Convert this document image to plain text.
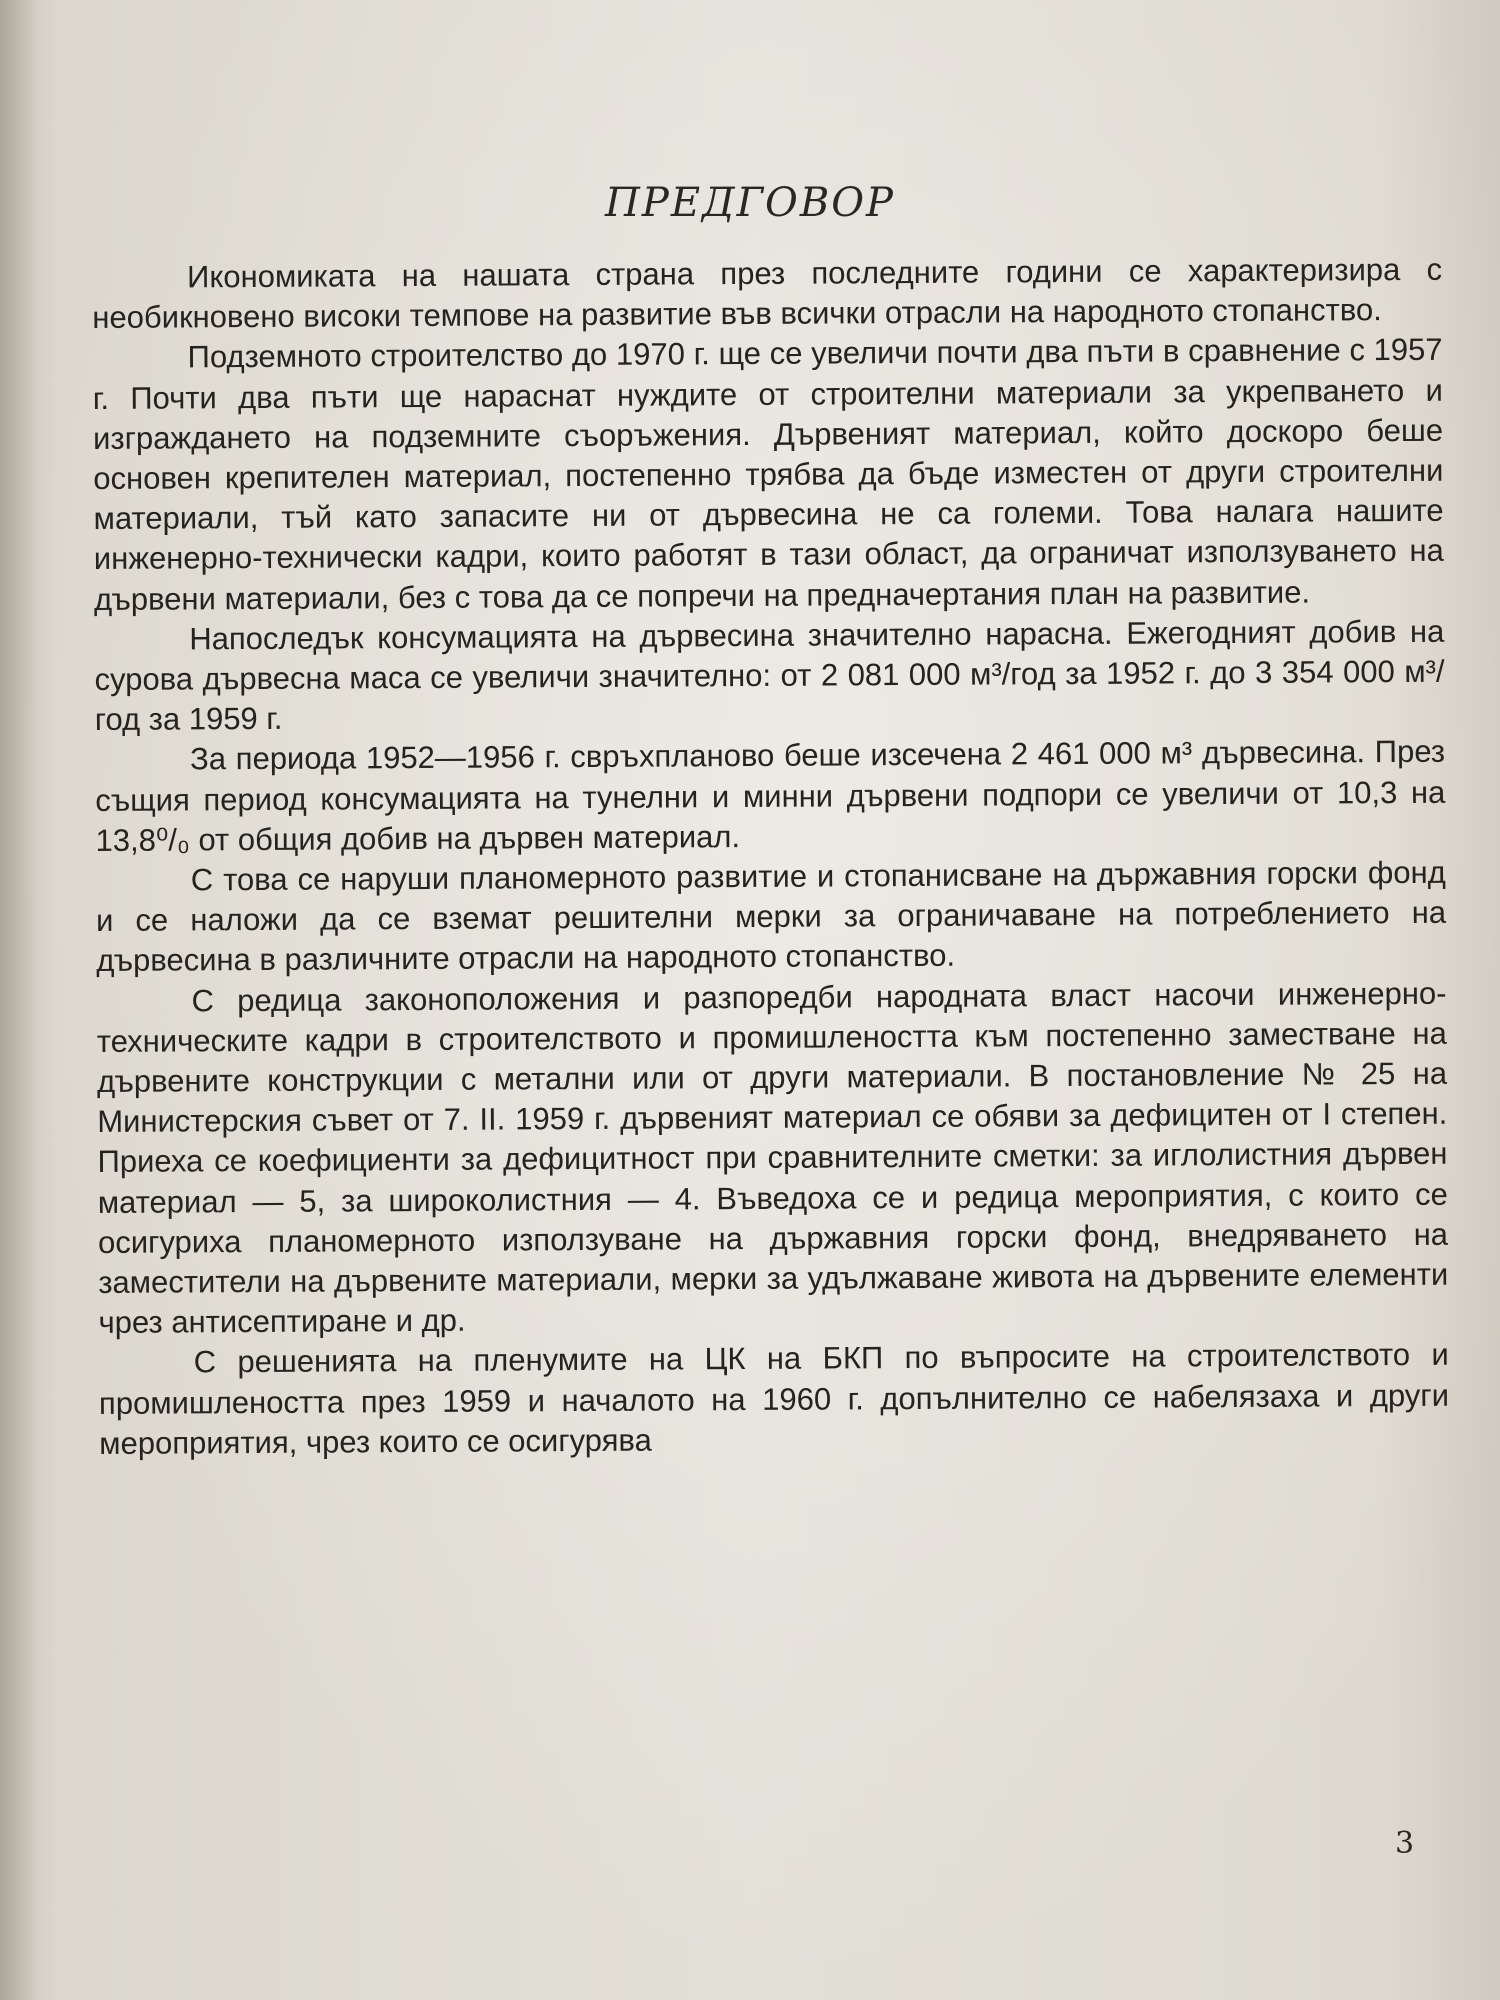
ПРЕДГОВОР

Икономиката на нашата страна през последните години се характеризира с необикновено високи темпове на развитие във всички отрасли на народното стопанство.

Подземното строителство до 1970 г. ще се увеличи почти два пъти в сравнение с 1957 г. Почти два пъти ще нараснат нуждите от строителни материали за укрепването и изграждането на подземните съоръжения. Дървеният материал, който доскоро беше основен крепителен материал, постепенно трябва да бъде изместен от други строителни материали, тъй като запасите ни от дървесина не са големи. Това налага нашите инженерно-технически кадри, които работят в тази област, да ограничат използуването на дървени материали, без с това да се попречи на предначертания план на развитие.

Напоследък консумацията на дървесина значително нарасна. Ежегодният добив на сурова дървесна маса се увеличи значително: от 2 081 000 м³/год за 1952 г. до 3 354 000 м³/год за 1959 г.

За периода 1952—1956 г. свръхпланово беше изсечена 2 461 000 м³ дървесина. През същия период консумацията на тунелни и минни дървени подпори се увеличи от 10,3 на 13,8⁰/₀ от общия добив на дървен материал.

С това се наруши планомерното развитие и стопанисване на държавния горски фонд и се наложи да се вземат решителни мерки за ограничаване на потреблението на дървесина в различните отрасли на народното стопанство.

С редица законоположения и разпоредби народната власт насочи инженерно-техническите кадри в строителството и промишлеността към постепенно заместване на дървените конструкции с метални или от други материали. В постановление № 25 на Министерския съвет от 7. II. 1959 г. дървеният материал се обяви за дефицитен от I степен. Приеха се коефициенти за дефицитност при сравнителните сметки: за иглолистния дървен материал — 5, за широколистния — 4. Въведоха се и редица мероприятия, с които се осигуриха планомерното използуване на държавния горски фонд, внедряването на заместители на дървените материали, мерки за удължаване живота на дървените елементи чрез антисептиране и др.

С решенията на пленумите на ЦК на БКП по въпросите на строителството и промишлеността през 1959 и началото на 1960 г. допълнително се набелязаха и други мероприятия, чрез които се осигурява

3
